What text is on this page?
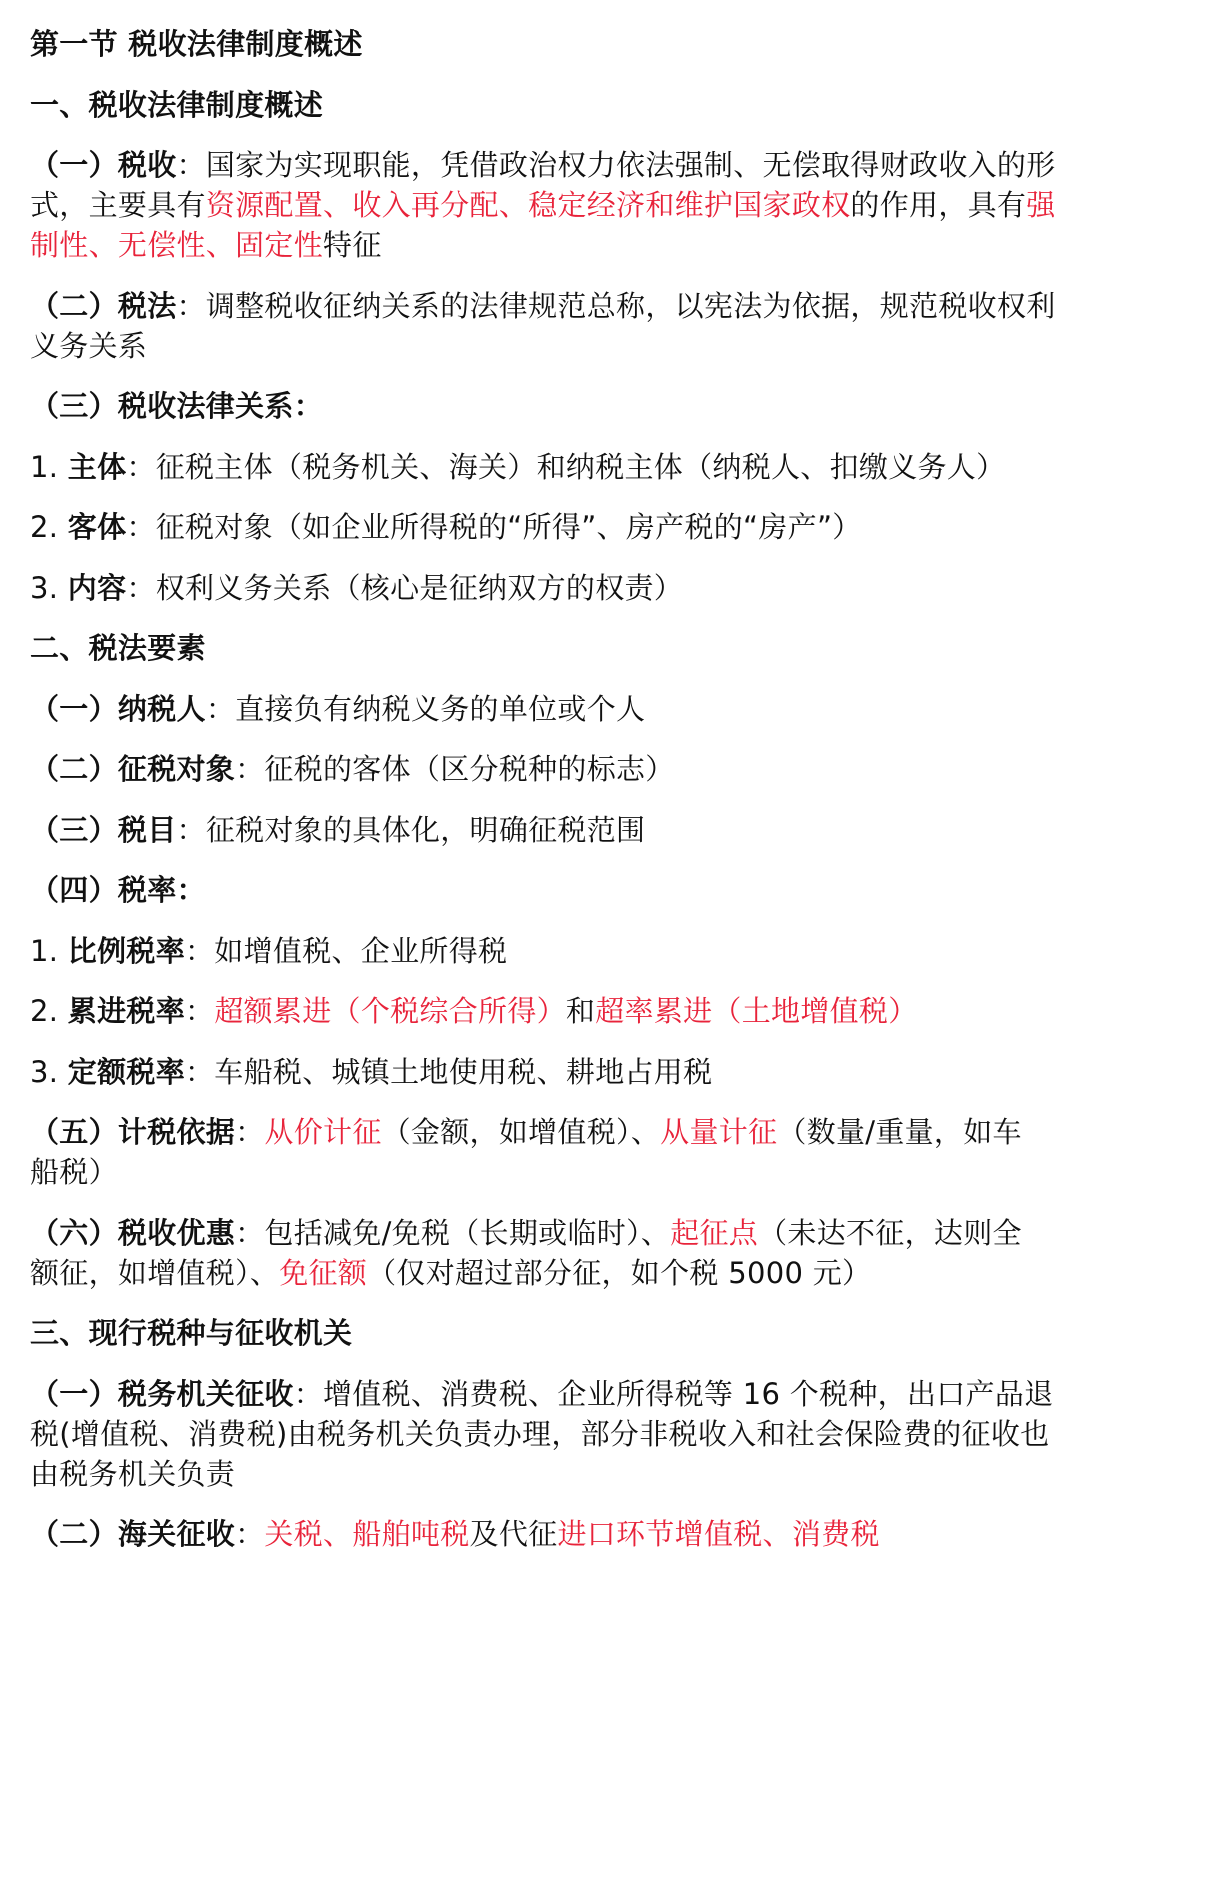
第一节 税收法律制度概述
一、税收法律制度概述
（一）税收：国家为实现职能，凭借政治权力依法强制、无偿取得财政收入的形
式，主要具有资源配置、收入再分配、稳定经济和维护国家政权的作用，具有强
制性、无偿性、固定性特征
（二）税法：调整税收征纳关系的法律规范总称，以宪法为依据，规范税收权利
义务关系
（三）税收法律关系：
1. 主体：征税主体（税务机关、海关）和纳税主体（纳税人、扣缴义务人）
2. 客体：征税对象（如企业所得税的“所得”、房产税的“房产”）
3. 内容：权利义务关系（核心是征纳双方的权责）
二、税法要素
（一）纳税人：直接负有纳税义务的单位或个人
（二）征税对象：征税的客体（区分税种的标志）
（三）税目：征税对象的具体化，明确征税范围
（四）税率：
1. 比例税率：如增值税、企业所得税
2. 累进税率：超额累进（个税综合所得）和超率累进（土地增值税）
3. 定额税率：车船税、城镇土地使用税、耕地占用税
（五）计税依据：从价计征（金额，如增值税）、从量计征（数量/重量，如车
船税）
（六）税收优惠：包括减免/免税（长期或临时）、起征点（未达不征，达则全
额征，如增值税）、免征额（仅对超过部分征，如个税 5000 元）
三、现行税种与征收机关
（一）税务机关征收：增值税、消费税、企业所得税等 16 个税种，出口产品退
税(增值税、消费税)由税务机关负责办理，部分非税收入和社会保险费的征收也
由税务机关负责
（二）海关征收：关税、船舶吨税及代征进口环节增值税、消费税
